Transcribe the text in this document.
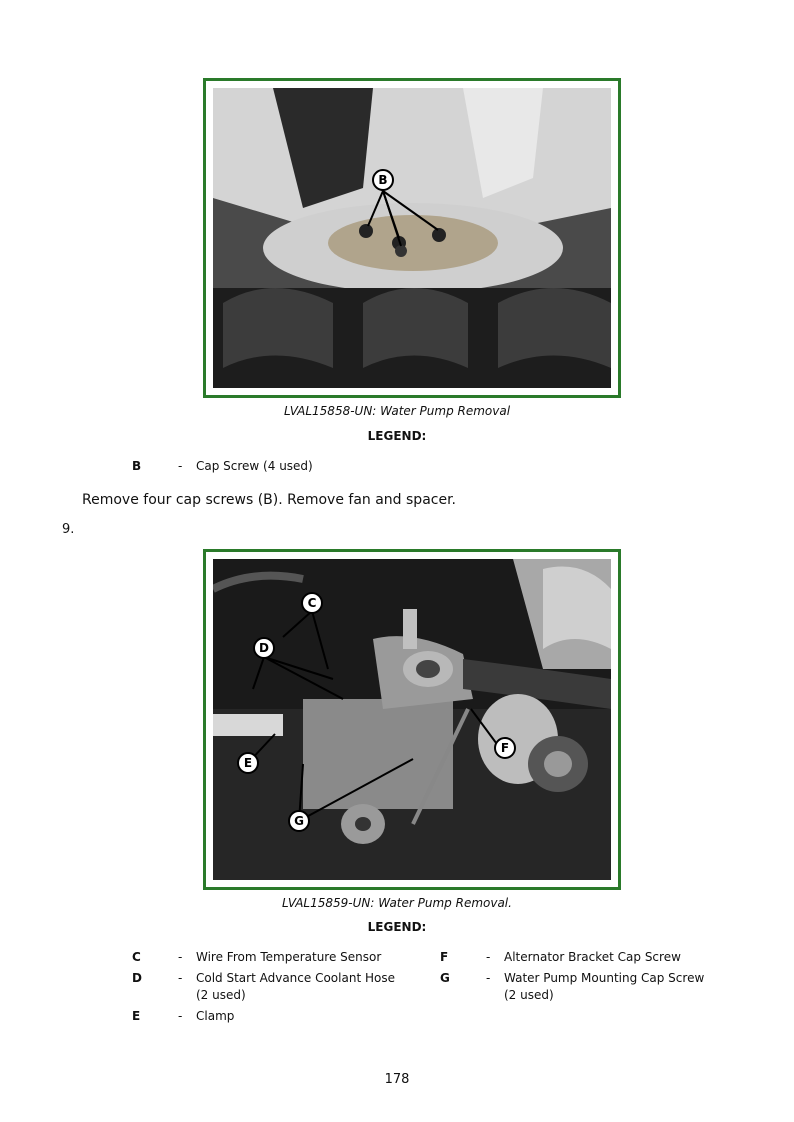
B
LVAL15858-UN: Water Pump Removal
LEGEND:
B	-	Cap Screw (4 used)
Remove four cap screws (B). Remove fan and spacer.
9.
C
D
E
F
G
LVAL15859-UN: Water Pump Removal.
LEGEND:
C	-	Wire From Temperature Sensor
D	-	Cold Start Advance Coolant Hose (2 used)
E	-	Clamp
F	-	Alternator Bracket Cap Screw
G	-	Water Pump Mounting Cap Screw (2 used)
178
